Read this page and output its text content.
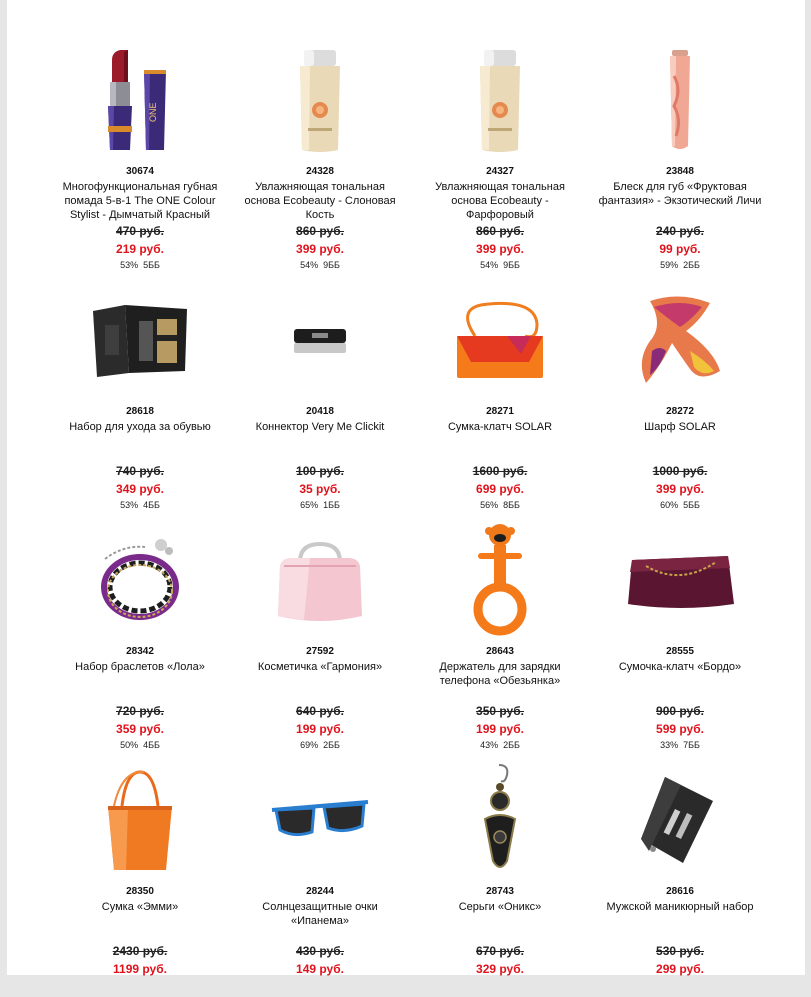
ONE
30674
Многофункциональная губная помада 5-в-1 The ONE Colour Stylist - Дымчатый Красный
470 руб.
219 руб.
53% 5ББ
24328
Увлажняющая тональная основа Ecobeauty - Слоновая Кость
860 руб.
399 руб.
54% 9ББ
24327
Увлажняющая тональная основа Ecobeauty - Фарфоровый
860 руб.
399 руб.
54% 9ББ
23848
Блеск для губ «Фруктовая фантазия» - Экзотический Личи
240 руб.
99 руб.
59% 2ББ
28618
Набор для ухода за обувью
740 руб.
349 руб.
53% 4ББ
20418
Коннектор Very Me Clickit
100 руб.
35 руб.
65% 1ББ
28271
Сумка-клатч SOLAR
1600 руб.
699 руб.
56% 8ББ
28272
Шарф SOLAR
1000 руб.
399 руб.
60% 5ББ
28342
Набор браслетов «Лола»
720 руб.
359 руб.
50% 4ББ
27592
Косметичка «Гармония»
640 руб.
199 руб.
69% 2ББ
28643
Держатель для зарядки телефона «Обезьянка»
350 руб.
199 руб.
43% 2ББ
28555
Сумочка-клатч «Бордо»
900 руб.
599 руб.
33% 7ББ
28350
Сумка «Эмми»
2430 руб.
1199 руб.
28244
Солнцезащитные очки «Ипанема»
430 руб.
149 руб.
28743
Серьги «Оникс»
670 руб.
329 руб.
28616
Мужской маникюрный набор
530 руб.
299 руб.
